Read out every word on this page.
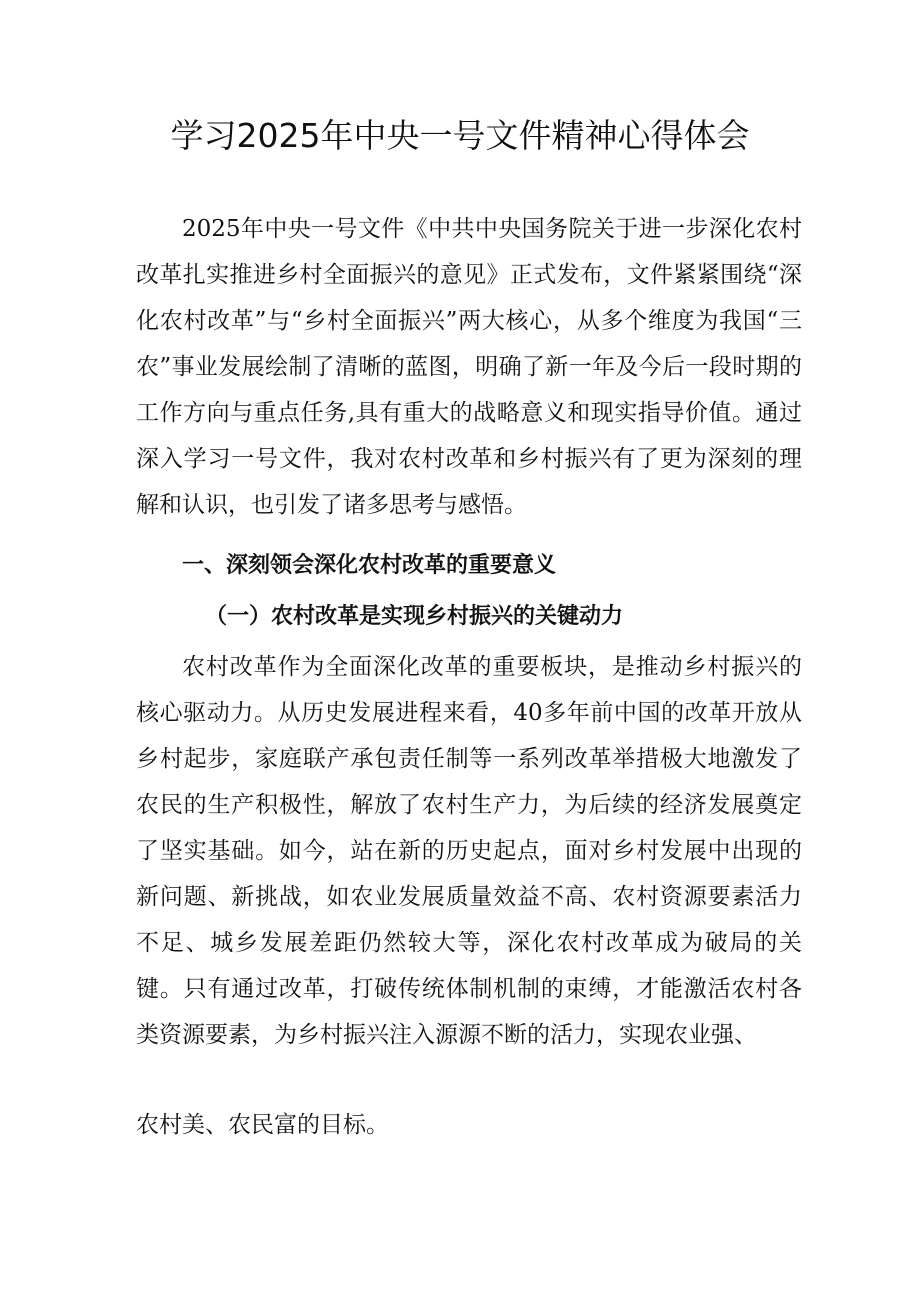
学习2025年中央一号文件精神心得体会

2025年中央一号文件《中共中央国务院关于进一步深化农村改革扎实推进乡村全面振兴的意见》正式发布，文件紧紧围绕“深化农村改革”与“乡村全面振兴”两大核心，从多个维度为我国“三农”事业发展绘制了清晰的蓝图，明确了新一年及今后一段时期的工作方向与重点任务,具有重大的战略意义和现实指导价值。通过深入学习一号文件，我对农村改革和乡村振兴有了更为深刻的理解和认识，也引发了诸多思考与感悟。

一、深刻领会深化农村改革的重要意义
（一）农村改革是实现乡村振兴的关键动力

农村改革作为全面深化改革的重要板块，是推动乡村振兴的核心驱动力。从历史发展进程来看，40多年前中国的改革开放从乡村起步，家庭联产承包责任制等一系列改革举措极大地激发了农民的生产积极性，解放了农村生产力，为后续的经济发展奠定了坚实基础。如今，站在新的历史起点，面对乡村发展中出现的新问题、新挑战，如农业发展质量效益不高、农村资源要素活力不足、城乡发展差距仍然较大等，深化农村改革成为破局的关键。只有通过改革，打破传统体制机制的束缚，才能激活农村各类资源要素，为乡村振兴注入源源不断的活力，实现农业强、

农村美、农民富的目标。
